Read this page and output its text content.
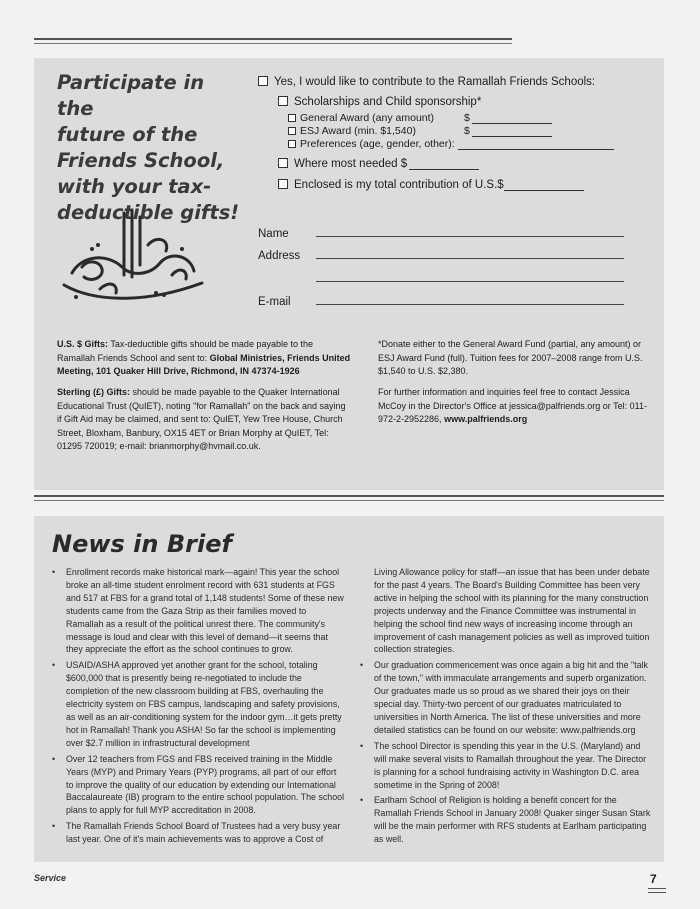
Participate in the
future of the
Friends School,
with your tax-
deductible gifts!
Yes, I would like to contribute to the Ramallah Friends Schools:
Scholarships and Child sponsorship*
General Award (any amount)	$
ESJ Award (min. $1,540)	$
Preferences (age, gender, other):
Where most needed $
Enclosed is my total contribution of U.S.$
Name
Address
E-mail
U.S. $ Gifts: Tax-deductible gifts should be made payable to the Ramallah Friends School and sent to: Global Ministries, Friends United Meeting, 101 Quaker Hill Drive, Richmond, IN 47374-1926
Sterling (£) Gifts: should be made payable to the Quaker International Educational Trust (QuIET), noting "for Ramallah" on the back and saying if Gift Aid may be claimed, and sent to: QuIET, Yew Tree House, Church Street, Bloxham, Banbury, OX15 4ET or Brian Morphy at QuIET, Tel: 01295 720019; e-mail: brianmorphy@hvmail.co.uk.
*Donate either to the General Award Fund (partial, any amount) or ESJ Award Fund (full). Tuition fees for 2007–2008 range from U.S. $1,540 to U.S. $2,380.
For further information and inquiries feel free to contact Jessica McCoy in the Director's Office at jessica@palfriends.org or Tel: 011-972-2-2952286, www.palfriends.org
News in Brief
• Enrollment records make historical mark—again! This year the school broke an all-time student enrolment record with 631 students at FGS and 517 at FBS for a grand total of 1,148 students! Some of these new students came from the Gaza Strip as their families moved to Ramallah as a result of the political unrest there. The community's message is loud and clear with this level of demand—it seems that they appreciate the effort as the school continues to grow.
• USAID/ASHA approved yet another grant for the school, totaling $600,000 that is presently being re-negotiated to include the completion of the new classroom building at FBS, overhauling the electricity system on FBS campus, landscaping and safety provisions, as well as an air-conditioning system for the indoor gym…it gets pretty hot in Ramallah! Thank you ASHA! So far the school is implementing over $2.7 million in infrastructural development
• Over 12 teachers from FGS and FBS received training in the Middle Years (MYP) and Primary Years (PYP) programs, all part of our effort to improve the quality of our education by extending our International Baccalaureate (IB) program to the entire school population. The school plans to apply for full MYP accreditation in 2008.
• The Ramallah Friends School Board of Trustees had a very busy year last year. One of it's main achievements was to approve a Cost of
Living Allowance policy for staff—an issue that has been under debate for the past 4 years. The Board's Building Committee has been very active in helping the school with its planning for the many construction projects underway and the Finance Committee was instrumental in helping the school find new ways of increasing income through an improvement of cash management policies as well as improved tuition collection strategies.
• Our graduation commencement was once again a big hit and the "talk of the town," with immaculate arrangements and superb organization. Our graduates made us so proud as we shared their joys on their special day. Thirty-two percent of our graduates matriculated to universities in North America. The list of these universities and more detailed statistics can be found on our website: www.palfriends.org
• The school Director is spending this year in the U.S. (Maryland) and will make several visits to Ramallah throughout the year. The Director is planning for a school fundraising activity in Washington D.C. area sometime in the Spring of 2008!
• Earlham School of Religion is holding a benefit concert for the Ramallah Friends School in January 2008! Quaker singer Susan Stark will be the main performer with RFS students at Earlham participating as well.
Service	7
